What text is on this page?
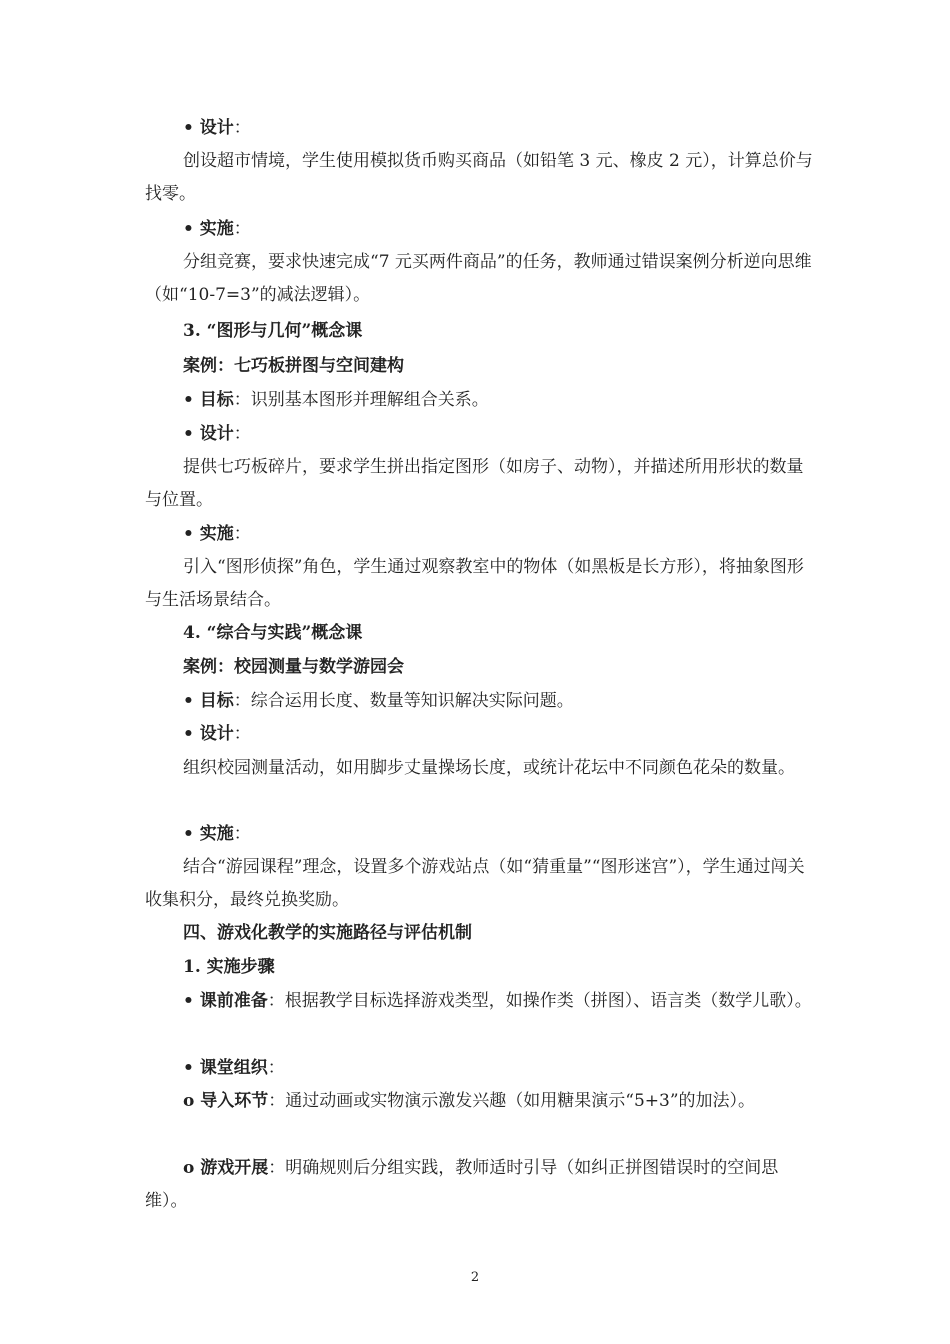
• 设计：

创设超市情境，学生使用模拟货币购买商品（如铅笔 3 元、橡皮 2 元），计算总价与找零。

• 实施：

分组竞赛，要求快速完成“7 元买两件商品”的任务，教师通过错误案例分析逆向思维（如“10-7=3”的减法逻辑）。

3. “图形与几何”概念课

案例：七巧板拼图与空间建构

• 目标：识别基本图形并理解组合关系。

• 设计：

提供七巧板碎片，要求学生拼出指定图形（如房子、动物），并描述所用形状的数量与位置。

• 实施：

引入“图形侦探”角色，学生通过观察教室中的物体（如黑板是长方形），将抽象图形与生活场景结合。

4. “综合与实践”概念课

案例：校园测量与数学游园会

• 目标：综合运用长度、数量等知识解决实际问题。

• 设计：

组织校园测量活动，如用脚步丈量操场长度，或统计花坛中不同颜色花朵的数量。

• 实施：

结合“游园课程”理念，设置多个游戏站点（如“猜重量”“图形迷宫”），学生通过闯关收集积分，最终兑换奖励。

四、游戏化教学的实施路径与评估机制

1. 实施步骤

• 课前准备：根据教学目标选择游戏类型，如操作类（拼图）、语言类（数学儿歌）。

• 课堂组织：

o 导入环节：通过动画或实物演示激发兴趣（如用糖果演示“5+3”的加法）。

o 游戏开展：明确规则后分组实践，教师适时引导（如纠正拼图错误时的空间思维）。

2
